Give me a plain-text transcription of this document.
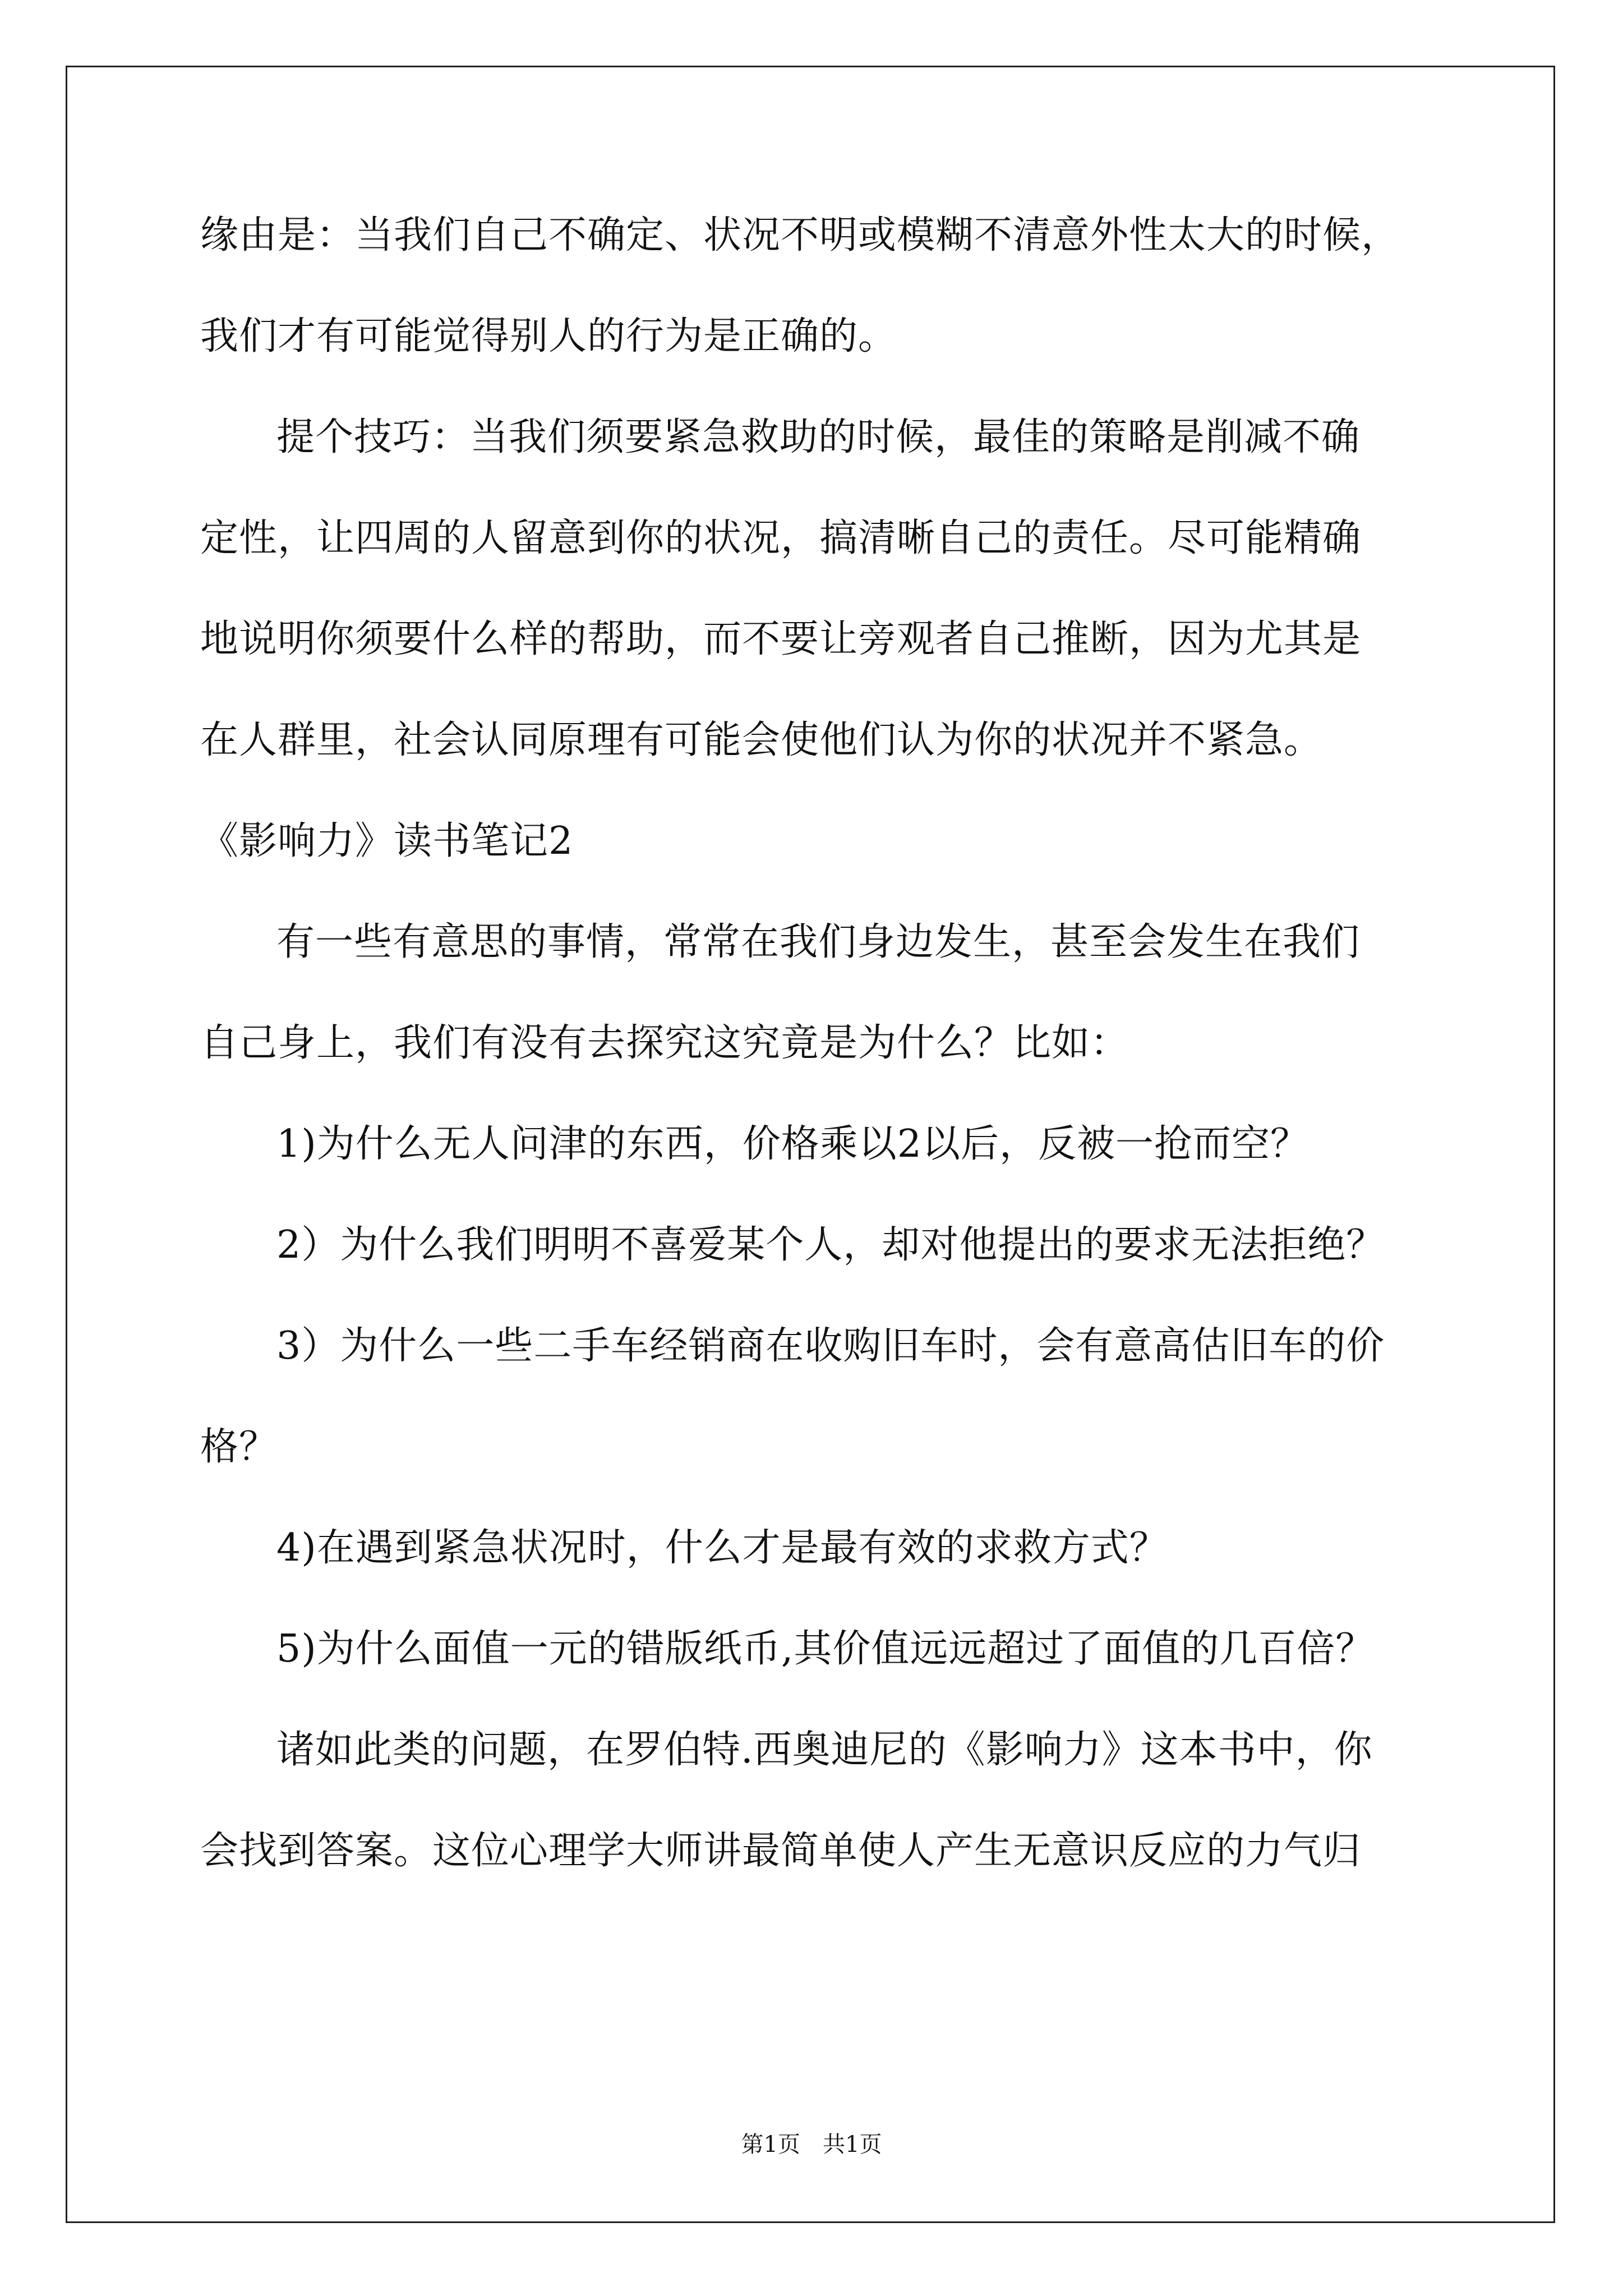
缘由是：当我们自己不确定、状况不明或模糊不清意外性太大的时候，
我们才有可能觉得别人的行为是正确的。
提个技巧：当我们须要紧急救助的时候，最佳的策略是削减不确
定性，让四周的人留意到你的状况，搞清晰自己的责任。尽可能精确
地说明你须要什么样的帮助，而不要让旁观者自己推断，因为尤其是
在人群里，社会认同原理有可能会使他们认为你的状况并不紧急。
《影响力》读书笔记2
有一些有意思的事情，常常在我们身边发生，甚至会发生在我们
自己身上，我们有没有去探究这究竟是为什么？比如：
1)为什么无人问津的东西，价格乘以2以后，反被一抢而空？
2）为什么我们明明不喜爱某个人，却对他提出的要求无法拒绝？
3）为什么一些二手车经销商在收购旧车时，会有意高估旧车的价
格？
4)在遇到紧急状况时，什么才是最有效的求救方式？
5)为什么面值一元的错版纸币,其价值远远超过了面值的几百倍？
诸如此类的问题，在罗伯特.西奥迪尼的《影响力》这本书中，你
会找到答案。这位心理学大师讲最简单使人产生无意识反应的力气归
第1页 共1页
